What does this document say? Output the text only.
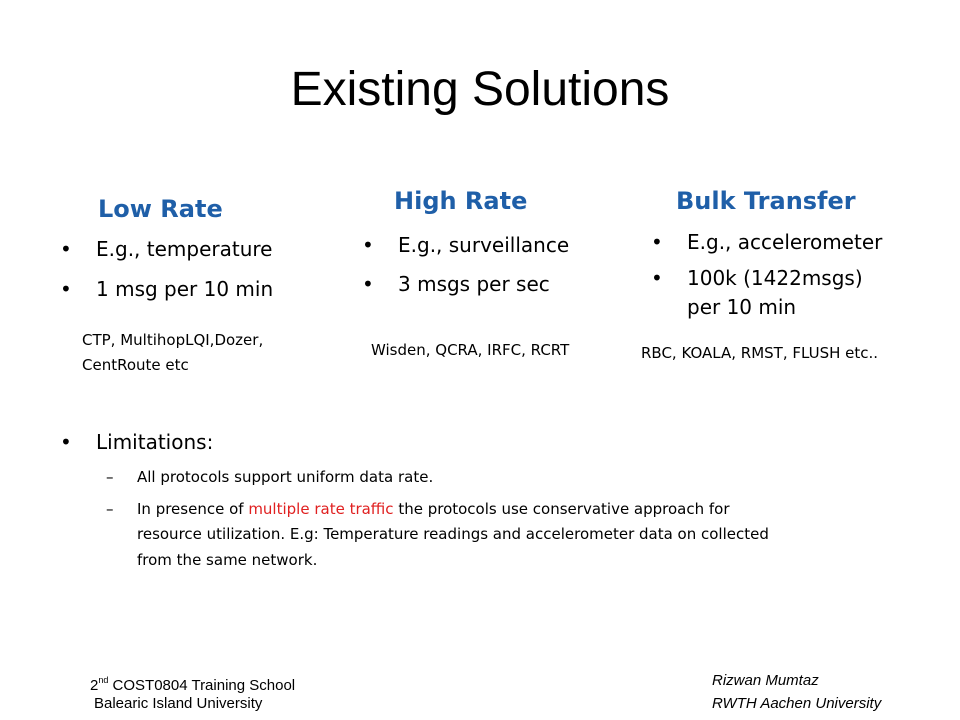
Existing Solutions
Low Rate
• E.g., temperature
• 1 msg per 10 min
CTP, MultihopLQI,Dozer,
CentRoute etc
High Rate
• E.g., surveillance
• 3 msgs per sec
Wisden, QCRA, IRFC, RCRT
Bulk Transfer
• E.g., accelerometer
• 100k (1422msgs)
per 10 min
RBC, KOALA, RMST, FLUSH etc..
• Limitations:
– All protocols support uniform data rate.
– In presence of multiple rate traffic the protocols use conservative approach for
resource utilization. E.g: Temperature readings and accelerometer data on collected
from the same network.
2nd COST0804 Training School
Balearic Island University
Rizwan Mumtaz
RWTH Aachen University
